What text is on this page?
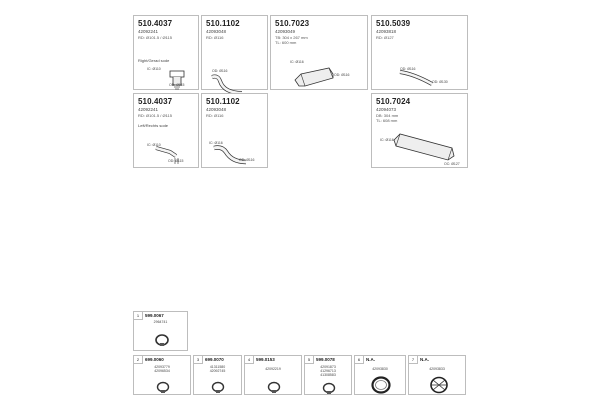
510.4037
42092241
RD: Ø101.5 / Ø115
Right/Gerad sode
IC: Ø110
OD: Ø115
510.1102
42093048
RD: Ø116
OD: Ø116
510.7023
42093049
TB: 304 x 267 mm
TL: 600 mm
IC: Ø116
OD: Ø116
510.5039
42093818
RD: Ø127
OD: Ø116
OD: Ø130
510.4037
42092241
RD: Ø101.5 / Ø115
Left/Rechts sode
IC: Ø110
OD: Ø115
510.1102
42093048
RD: Ø116
IC: Ø116
OD: Ø116
510.7024
42094073
DB: 304 mm
TL: 608 mm
IC: Ø116
OC: Ø127
1	599.0067
2964741
2	699.0060
42093779
42096534
3	699.0070
41311580
42092745
4	599.0153
42092219
5	599.0078
42091873
41296713
41308583
6	N.A.
42093830
7	N.A.
42093833
